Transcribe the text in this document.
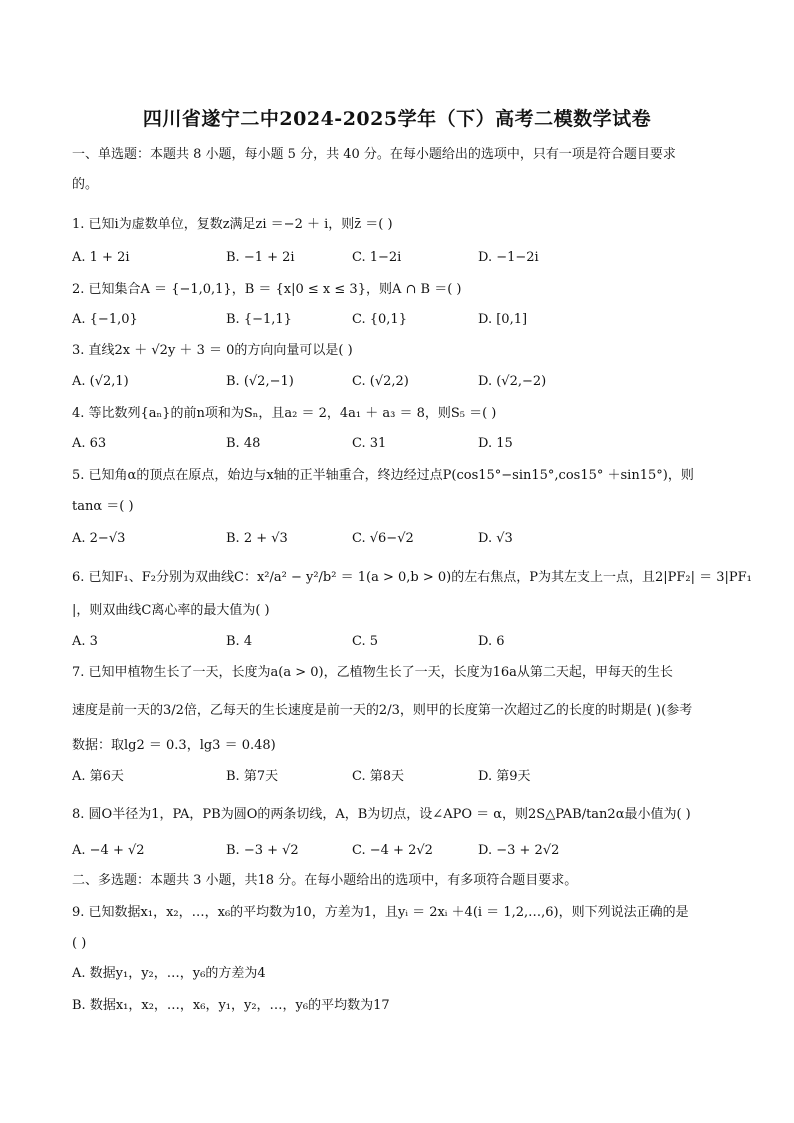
四川省遂宁二中2024-2025学年（下）高考二模数学试卷
一、单选题：本题共 8 小题，每小题 5 分，共 40 分。在每小题给出的选项中，只有一项是符合题目要求
的。
1. 已知i为虚数单位，复数z满足zi ＝−2 ＋ i，则z̄ ＝( )
A. 1 + 2i	B. −1 + 2i	C. 1−2i	D. −1−2i
2. 已知集合A ＝ {−1,0,1}，B ＝ {x|0 ≤ x ≤ 3}，则A ∩ B ＝( )
A. {−1,0}	B. {−1,1}	C. {0,1}	D. [0,1]
3. 直线2x ＋ √2y ＋ 3 ＝ 0的方向向量可以是( )
A. (√2,1)	B. (√2,−1)	C. (√2,2)	D. (√2,−2)
4. 等比数列{aₙ}的前n项和为Sₙ，且a₂ ＝ 2，4a₁ ＋ a₃ ＝ 8，则S₅ ＝( )
A. 63	B. 48	C. 31	D. 15
5. 已知角α的顶点在原点，始边与x轴的正半轴重合，终边经过点P(cos15°−sin15°,cos15° ＋sin15°)，则
tanα ＝( )
A. 2−√3	B. 2 + √3	C. √6−√2	D. √3
6. 已知F₁、F₂分别为双曲线C：x²/a² − y²/b² ＝ 1(a > 0,b > 0)的左右焦点，P为其左支上一点，且2|PF₂| ＝ 3|PF₁
|，则双曲线C离心率的最大值为( )
A. 3	B. 4	C. 5	D. 6
7. 已知甲植物生长了一天，长度为a(a > 0)，乙植物生长了一天，长度为16a从第二天起，甲每天的生长
速度是前一天的3/2倍，乙每天的生长速度是前一天的2/3，则甲的长度第一次超过乙的长度的时期是( )(参考
数据：取lg2 ＝ 0.3，lg3 ＝ 0.48)
A. 第6天	B. 第7天	C. 第8天	D. 第9天
8. 圆O半径为1，PA，PB为圆O的两条切线，A，B为切点，设∠APO ＝ α，则2S△PAB/tan2α最小值为( )
A. −4 + √2	B. −3 + √2	C. −4 + 2√2	D. −3 + 2√2
二、多选题：本题共 3 小题，共18 分。在每小题给出的选项中，有多项符合题目要求。
9. 已知数据x₁，x₂，…，x₆的平均数为10，方差为1，且yᵢ ＝ 2xᵢ ＋4(i ＝ 1,2,…,6)，则下列说法正确的是
( )
A. 数据y₁，y₂，…，y₆的方差为4
B. 数据x₁，x₂，…，x₆，y₁，y₂，…，y₆的平均数为17
